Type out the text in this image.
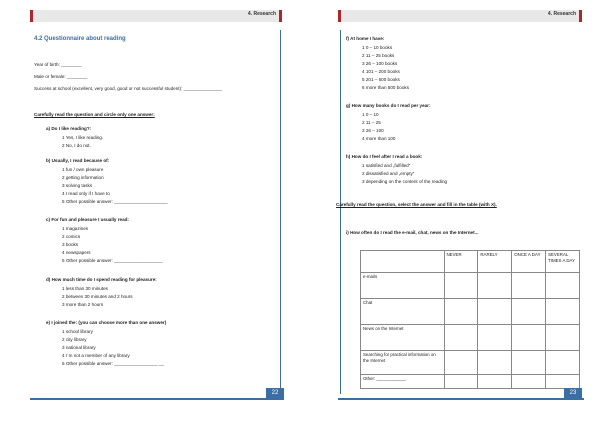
4. Research
4.2 Questionnaire about reading
Year of birth: ________
Male or female: ________
Success at school (excellent, very good, good or not successful student): _______________
Carefully read the question and circle only one answer:
a) Do I like reading?:
1 Yes, I like reading.
2 No, I do not.
b) Usually, I read because of:
1 fun / own pleasure
2 getting information
3 solving tasks
4 I read only if I have to
5 Other possible answer: _____________________
c) For fun and pleasure I usually read:
1 magazines
2 comics
3 books
4 newspapers
5 Other possible answer: ___________________
d) How much time do I spend reading for pleasure:
1 less than 30 minutes
2 between 30 minutes and 2 hours
3 more than 2 hours
e) I joined the: (you can choose more than one answer)
1 school library
2 city library
3 national library
4 I´m not a member of any library
5 Other possible answer: _________________ __
22
4. Research
f) At home I have:
1 0 – 10 books
2 11 – 25 books
3 26 – 100 books
4 101 – 200 books
5 201 – 500 books
6 more than 500 books
g) How many books do I read per year:
1 0 – 10
2 11 – 25
3 26 – 100
4 more than 100
h) How do I feel after I read a book:
1 satisfied and „fulfilled“
2 dissatisfied and „empty“
3 depending on the content of the reading
Carefully read the question, select the answer and fill in the table (with X).
i) How often do I read the e-mail, chat, news on the Internet...
	NEVER	RARELY	ONCE A DAY	SEVERAL TIMES A DAY
e-mails				
Chat				
News on the Internet				
Searching for practical information on the Internet				
Other: ____________				
23
